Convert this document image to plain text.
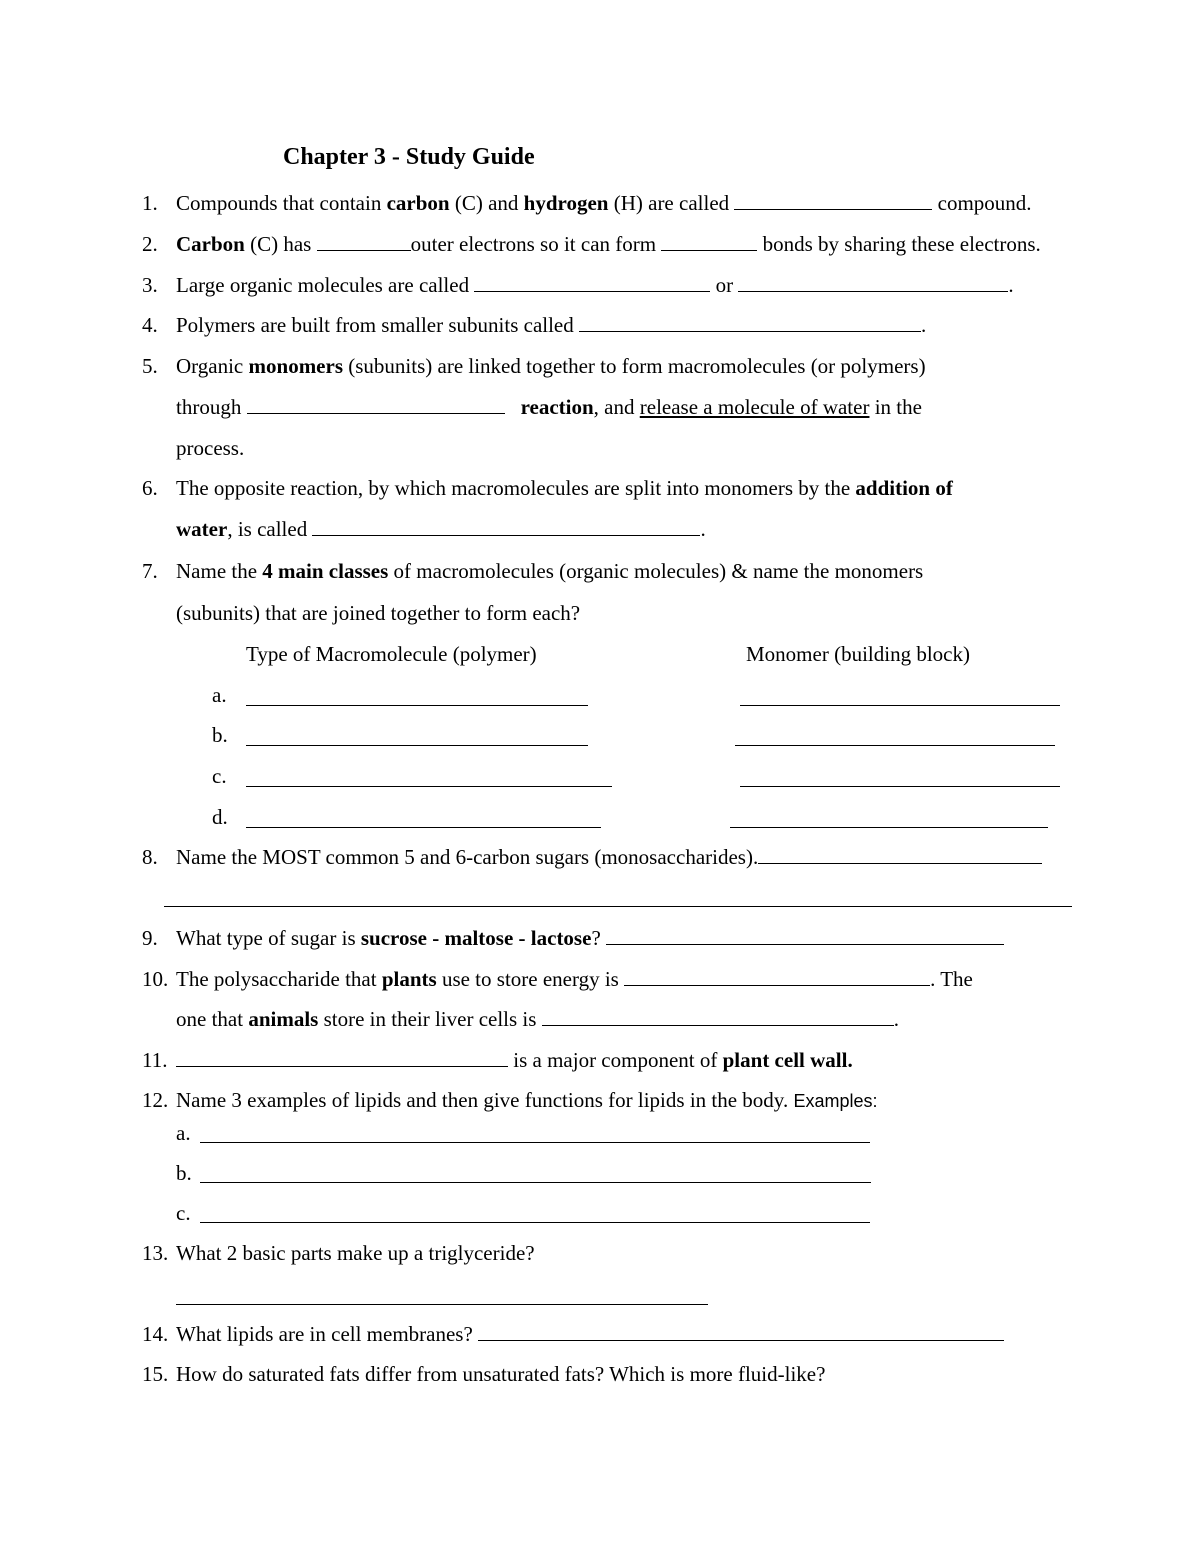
Chapter 3 - Study Guide
1. Compounds that contain carbon (C) and hydrogen (H) are called	compound.
2. Carbon (C) has	outer electrons so it can form	bonds by sharing these electrons.
3. Large organic molecules are called	or	.
4. Polymers are built from smaller subunits called	.
5. Organic monomers (subunits) are linked together to form macromolecules (or polymers)
through	reaction, and release a molecule of water in the
process.
6. The opposite reaction, by which macromolecules are split into monomers by the addition of
water, is called	.
7. Name the 4 main classes of macromolecules (organic molecules) & name the monomers
(subunits) that are joined together to form each?
Type of Macromolecule (polymer)	Monomer (building block)
a.
b.
c.
d.
8. Name the MOST common 5 and 6-carbon sugars (monosaccharides).
9. What type of sugar is sucrose - maltose - lactose?
10. The polysaccharide that plants use to store energy is	. The
one that animals store in their liver cells is	.
11.	is a major component of plant cell wall.
12. Name 3 examples of lipids and then give functions for lipids in the body. Examples:
a.
b.
c.
13. What 2 basic parts make up a triglyceride?
14. What lipids are in cell membranes?
15. How do saturated fats differ from unsaturated fats? Which is more fluid-like?
